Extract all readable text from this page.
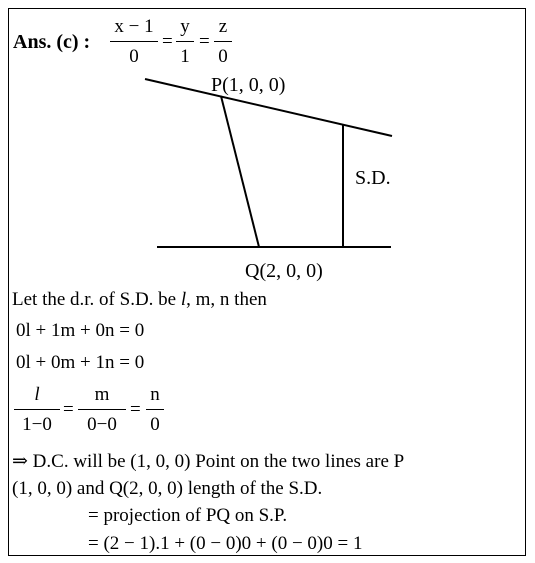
Ans. (c) :
x − 1
0
=
y
1
=
z
0
P(1, 0, 0)
S.D.
Q(2, 0, 0)
Let the d.r. of S.D. be l, m, n then
0l + 1m + 0n = 0
0l + 0m + 1n = 0
l
1−0
=
m
0−0
=
n
0
⇒ D.C. will be (1, 0, 0) Point on the two lines are P
(1, 0, 0) and Q(2, 0, 0) length of the S.D.
= projection of PQ on S.P.
= (2 − 1).1 + (0 − 0)0 + (0 − 0)0 = 1
